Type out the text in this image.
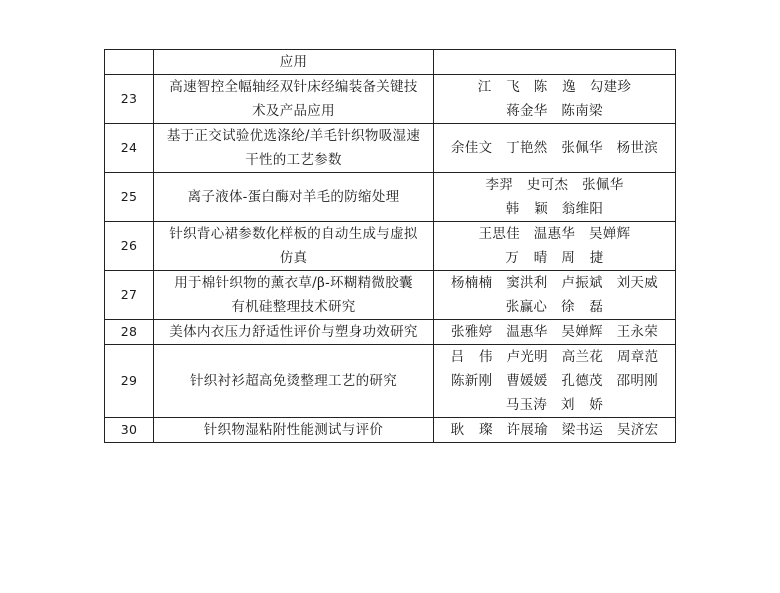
	应用	

23	高速智控全幅轴经双针床经编装备关键技
术及产品应用	江 飞　陈 逸　勾建珍
蒋金华　陈南梁

24	基于正交试验优选涤纶/羊毛针织物吸湿速
干性的工艺参数	余佳文　丁艳然　张佩华　杨世滨

25	离子液体-蛋白酶对羊毛的防缩处理	李羿　史可杰　张佩华
韩 颖　翁维阳

26	针织背心裙参数化样板的自动生成与虚拟
仿真	王思佳　温惠华　吴婵辉
万 晴　周 捷

27	用于棉针织物的薰衣草/β-环糊精微胶囊
有机硅整理技术研究	杨楠楠　窦洪利　卢振斌　刘天威
张赢心　徐 磊

28	美体内衣压力舒适性评价与塑身功效研究	张雅婷　温惠华　吴婵辉　王永荣

29	针织衬衫超高免烫整理工艺的研究	吕 伟　卢光明　高兰花　周章范
陈新刚　曹媛媛　孔德茂　邵明刚
马玉涛　刘 娇

30	针织物湿粘附性能测试与评价	耿 璨　许展瑜　梁书运　吴济宏
